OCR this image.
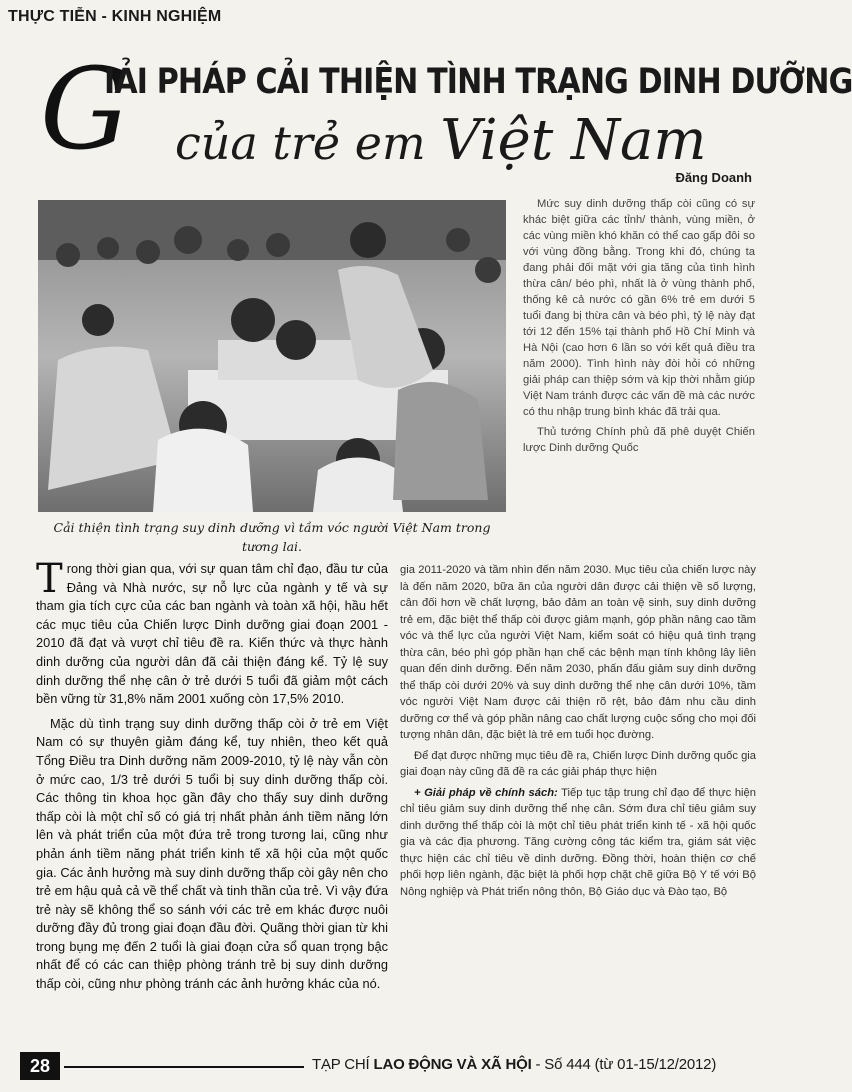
THỰC TIỄN - KINH NGHIỆM
G
IẢI PHÁP CẢI THIỆN TÌNH TRẠNG DINH DƯỠNG
của trẻ em Việt Nam
Đăng Doanh
Cải thiện tình trạng suy dinh dưỡng vì tầm vóc người Việt Nam trong tương lai.

Mức suy dinh dưỡng thấp còi cũng có sự khác biệt giữa các tỉnh/ thành, vùng miền, ở các vùng miền khó khăn có thể cao gấp đôi so với vùng đồng bằng. Trong khi đó, chúng ta đang phải đối mặt với gia tăng của tình hình thừa cân/ béo phì, nhất là ở vùng thành phố, thống kê cả nước có gần 6% trẻ em dưới 5 tuổi đang bị thừa cân và béo phì, tỷ lệ này đạt tới 12 đến 15% tại thành phố Hồ Chí Minh và Hà Nội (cao hơn 6 lần so với kết quả điều tra năm 2000). Tình hình này đòi hỏi có những giải pháp can thiệp sớm và kịp thời nhằm giúp Việt Nam tránh được các vấn đề mà các nước có thu nhập trung bình khác đã trải qua.

Thủ tướng Chính phủ đã phê duyệt Chiến lược Dinh dưỡng Quốc

gia 2011-2020 và tầm nhìn đến năm 2030. Mục tiêu của chiến lược này là đến năm 2020, bữa ăn của người dân được cải thiện về số lượng, cân đối hơn về chất lượng, bảo đảm an toàn vệ sinh, suy dinh dưỡng trẻ em, đặc biệt thể thấp còi được giảm mạnh, góp phần nâng cao tầm vóc và thể lực của người Việt Nam, kiểm soát có hiệu quả tình trạng thừa cân, béo phì góp phần hạn chế các bệnh mạn tính không lây liên quan đến dinh dưỡng. Đến năm 2030, phấn đấu giảm suy dinh dưỡng thể thấp còi dưới 20% và suy dinh dưỡng thể nhẹ cân dưới 10%, tầm vóc người Việt Nam được cải thiện rõ rệt, bảo đảm nhu cầu dinh dưỡng cơ thể và góp phần nâng cao chất lượng cuộc sống cho mọi đối tượng nhân dân, đặc biệt là trẻ em tuổi học đường.

Để đạt được những mục tiêu đề ra, Chiến lược Dinh dưỡng quốc gia giai đoạn này cũng đã đề ra các giải pháp thực hiện

+ Giải pháp về chính sách: Tiếp tục tập trung chỉ đạo để thực hiện chỉ tiêu giảm suy dinh dưỡng thể nhẹ cân. Sớm đưa chỉ tiêu giảm suy dinh dưỡng thể thấp còi là một chỉ tiêu phát triển kinh tế - xã hội quốc gia và các địa phương. Tăng cường công tác kiểm tra, giám sát việc thực hiện các chỉ tiêu về dinh dưỡng. Đồng thời, hoàn thiện cơ chế phối hợp liên ngành, đặc biệt là phối hợp chặt chẽ giữa Bộ Y tế với Bộ Nông nghiệp và Phát triển nông thôn, Bộ Giáo dục và Đào tạo, Bộ

Trong thời gian qua, với sự quan tâm chỉ đạo, đầu tư của Đảng và Nhà nước, sự nỗ lực của ngành y tế và sự tham gia tích cực của các ban ngành và toàn xã hội, hầu hết các mục tiêu của Chiến lược Dinh dưỡng giai đoạn 2001 - 2010 đã đạt và vượt chỉ tiêu đề ra. Kiến thức và thực hành dinh dưỡng của người dân đã cải thiện đáng kể. Tỷ lệ suy dinh dưỡng thể nhẹ cân ở trẻ dưới 5 tuổi đã giảm một cách bền vững từ 31,8% năm 2001 xuống còn 17,5% 2010.

Mặc dù tình trạng suy dinh dưỡng thấp còi ở trẻ em Việt Nam có sự thuyên giảm đáng kể, tuy nhiên, theo kết quả Tổng Điều tra Dinh dưỡng năm 2009-2010, tỷ lệ này vẫn còn ở mức cao, 1/3 trẻ dưới 5 tuổi bị suy dinh dưỡng thấp còi. Các thông tin khoa học gần đây cho thấy suy dinh dưỡng thấp còi là một chỉ số có giá trị nhất phản ánh tiềm năng lớn lên và phát triển của một đứa trẻ trong tương lai, cũng như phản ánh tiềm năng phát triển kinh tế xã hội của một quốc gia. Các ảnh hưởng mà suy dinh dưỡng thấp còi gây nên cho trẻ em hậu quả cả về thể chất và tinh thần của trẻ. Vì vậy đứa trẻ này sẽ không thể so sánh với các trẻ em khác được nuôi dưỡng đầy đủ trong giai đoạn đầu đời. Quãng thời gian từ khi trong bụng mẹ đến 2 tuổi là giai đoạn cửa sổ quan trọng bậc nhất để có các can thiệp phòng tránh trẻ bị suy dinh dưỡng thấp còi, cũng như phòng tránh các ảnh hưởng khác của nó.

28	TẠP CHÍ LAO ĐỘNG VÀ XÃ HỘI - Số 444 (từ 01-15/12/2012)
